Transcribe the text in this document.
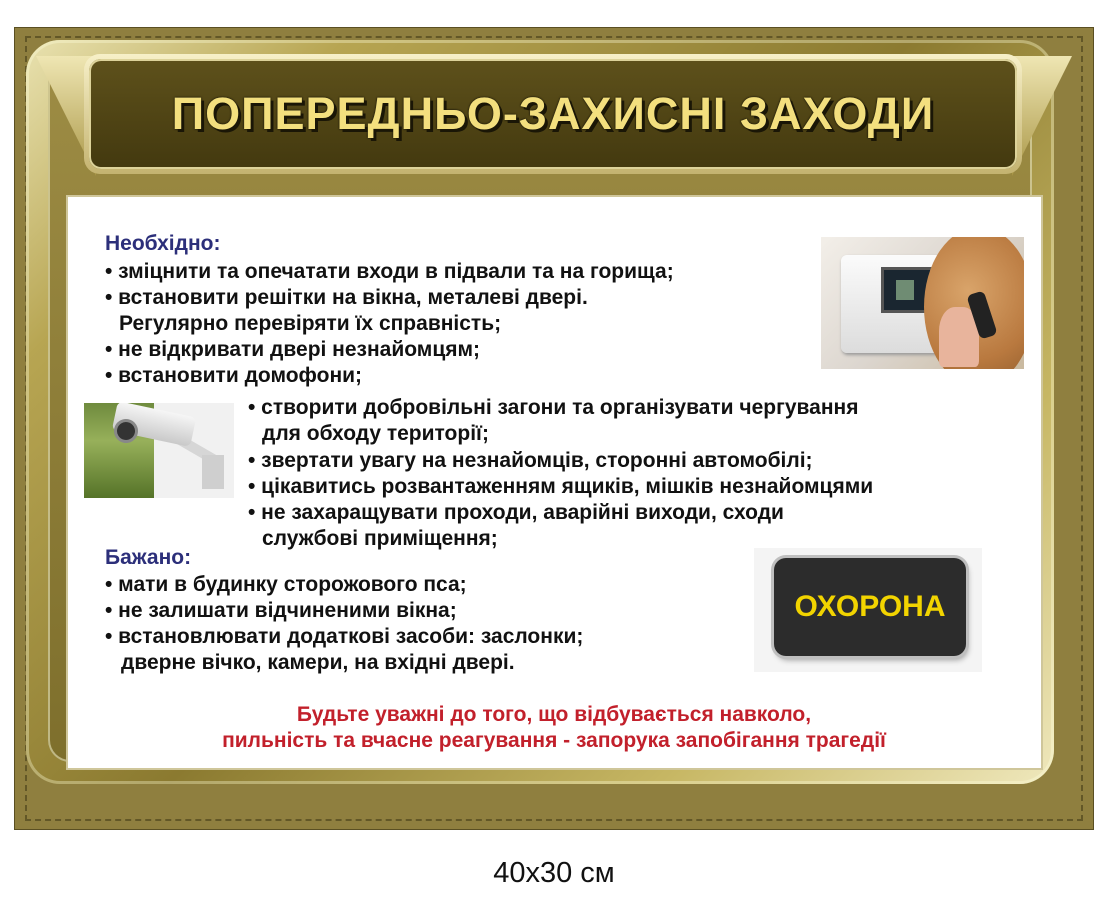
ПОПЕРЕДНЬО-ЗАХИСНІ ЗАХОДИ
Необхідно:
• зміцнити та опечатати входи в підвали та на горища;
• встановити решітки на вікна, металеві двері.
Регулярно перевіряти їх справність;
• не відкривати двері незнайомцям;
• встановити домофони;
• створити добровільні загони та організувати чергування
для обходу території;
• звертати увагу на незнайомців, сторонні автомобілі;
• цікавитись розвантаженням ящиків, мішків незнайомцями
• не захаращувати проходи, аварійні виходи, сходи
службові приміщення;
Бажано:
• мати в будинку сторожового пса;
• не залишати відчиненими вікна;
• встановлювати додаткові засоби: заслонки;
дверне вічко, камери, на вхідні двері.
ОХОРОНА
Будьте уважні до того, що відбувається навколо,
пильність та вчасне реагування - запорука запобігання трагедії
40х30 см
